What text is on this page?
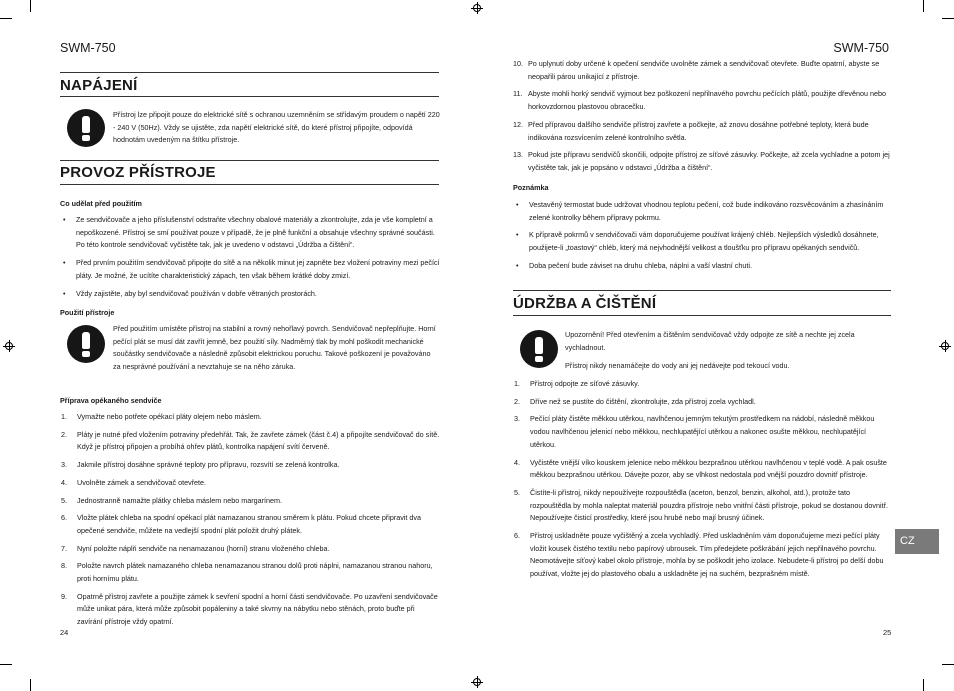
SWM-750
NAPÁJENÍ
Přístroj lze připojit pouze do elektrické sítě s ochranou uzemněním se střídavým proudem o napětí 220 - 240 V (50Hz). Vždy se ujistěte, zda napětí elektrické sítě, do které přístroj připojíte, odpovídá hodnotám uvedeným na štítku přístroje.
PROVOZ PŘÍSTROJE
Co udělat před použitím
• Ze sendvičovače a jeho příslušenství odstraňte všechny obalové materiály a zkontrolujte, zda je vše kompletní a nepoškozené. Přístroj se smí používat pouze v případě, že je plně funkční a obsahuje všechny správné součásti. Po této kontrole sendvičovač vyčistěte tak, jak je uvedeno v odstavci „Údržba a čištění“.
• Před prvním použitím sendvičovač připojte do sítě a na několik minut jej zapněte bez vložení potraviny mezi pečící pláty. Je možné, že ucítíte charakteristický zápach, ten však během krátké doby zmizí.
• Vždy zajistěte, aby byl sendvičovač používán v dobře větraných prostorách.
Použití přístroje
Před použitím umístěte přístroj na stabilní a rovný nehořlavý povrch. Sendvičovač nepřeplňujte. Horní pečící plát se musí dát zavřít jemně, bez použití síly. Nadměrný tlak by mohl poškodit mechanické součástky sendvičovače a následně způsobit elektrickou poruchu. Takové poškození je považováno za nesprávné používání a nevztahuje se na něho záruka.
Příprava opékaného sendviče
1. Vymažte nebo potřete opékací pláty olejem nebo máslem.
2. Pláty je nutné před vložením potraviny předehřát. Tak, že zavřete zámek (část č.4) a připojíte sendvičovač do sítě. Když je přístroj připojen a probíhá ohřev plátů, kontrolka napájení svítí červeně.
3. Jakmile přístroj dosáhne správné teploty pro přípravu, rozsvítí se zelená kontrolka.
4. Uvolněte zámek a sendvičovač otevřete.
5. Jednostranně namažte plátky chleba máslem nebo margarínem.
6. Vložte plátek chleba na spodní opékací plát namazanou stranou směrem k plátu. Pokud chcete připravit dva opečené sendviče, můžete na vedlejší spodní plát položit druhý plátek.
7. Nyní položte náplň sendviče na nenamazanou (horní) stranu vloženého chleba.
8. Položte navrch plátek namazaného chleba nenamazanou stranou dolů proti náplni, namazanou stranou nahoru, proti hornímu plátu.
9. Opatrně přístroj zavřete a použijte zámek k sevření spodní a horní části sendvičovače. Po uzavření sendvičovače může unikat pára, která může způsobit popáleniny a také skvrny na nábytku nebo stěnách, proto buďte při zavírání přístroje vždy opatrní.
24
SWM-750
10. Po uplynutí doby určené k opečení sendviče uvolněte zámek a sendvičovač otevřete. Buďte opatrní, abyste se neopařili párou unikající z přístroje.
11. Abyste mohli horký sendvič vyjmout bez poškození nepřilnavého povrchu pečících plátů, použijte dřevěnou nebo horkovzdornou plastovou obracečku.
12. Před přípravou dalšího sendviče přístroj zavřete a počkejte, až znovu dosáhne potřebné teploty, která bude indikována rozsvícením zelené kontrolního světla.
13. Pokud jste přípravu sendvičů skončili, odpojte přístroj ze síťové zásuvky. Počkejte, až zcela vychladne a potom jej vyčistěte tak, jak je popsáno v odstavci „Údržba a čištění“.
Poznámka
• Vestavěný termostat bude udržovat vhodnou teplotu pečení, což bude indikováno rozsvěcováním a zhasínáním zelené kontrolky během přípravy pokrmu.
• K přípravě pokrmů v sendvičovači vám doporučujeme používat krájený chléb. Nejlepších výsledků dosáhnete, použijete-li „toastový“ chléb, který má nejvhodnější velikost a tloušťku pro přípravu opékaných sendvičů.
• Doba pečení bude záviset na druhu chleba, náplni a vaší vlastní chuti.
ÚDRŽBA A ČIŠTĚNÍ
Upozornění! Před otevřením a čištěním sendvičovač vždy odpojte ze sítě a nechte jej zcela vychladnout.
Přístroj nikdy nenamáčejte do vody ani jej nedávejte pod tekoucí vodu.
1. Přístroj odpojte ze síťové zásuvky.
2. Dříve než se pustíte do čištění, zkontrolujte, zda přístroj zcela vychladl.
3. Pečící pláty čistěte měkkou utěrkou, navlhčenou jemným tekutým prostředkem na nádobí, následně měkkou vodou navlhčenou jelenicí nebo měkkou, nechlupatějící utěrkou a nakonec osušte měkkou, nechlupatějící utěrkou.
4. Vyčistěte vnější víko kouskem jelenice nebo měkkou bezprašnou utěrkou navlhčenou v teplé vodě. A pak osušte měkkou bezprašnou utěrkou. Dávejte pozor, aby se vlhkost nedostala pod vnější pouzdro dovnitř přístroje.
5. Čistíte-li přístroj, nikdy nepoužívejte rozpouštědla (aceton, benzol, benzin, alkohol, atd.), protože tato rozpouštědla by mohla naleptat materiál pouzdra přístroje nebo vnitřní části přístroje, pokud se dostanou dovnitř. Nepoužívejte čisticí prostředky, které jsou hrubé nebo mají brusný účinek.
6. Přístroj uskladněte pouze vyčištěný a zcela vychladlý. Před uskladněním vám doporučujeme mezi pečící pláty vložit kousek čistého textilu nebo papírový ubrousek. Tím předejdete poškrábání jejich nepřilnavého povrchu. Neomotávejte síťový kabel okolo přístroje, mohla by se poškodit jeho izolace. Nebudete-li přístroj po delší dobu používat, vložte jej do plastového obalu a uskladněte jej na suchém, bezprašném místě.
25
CZ
